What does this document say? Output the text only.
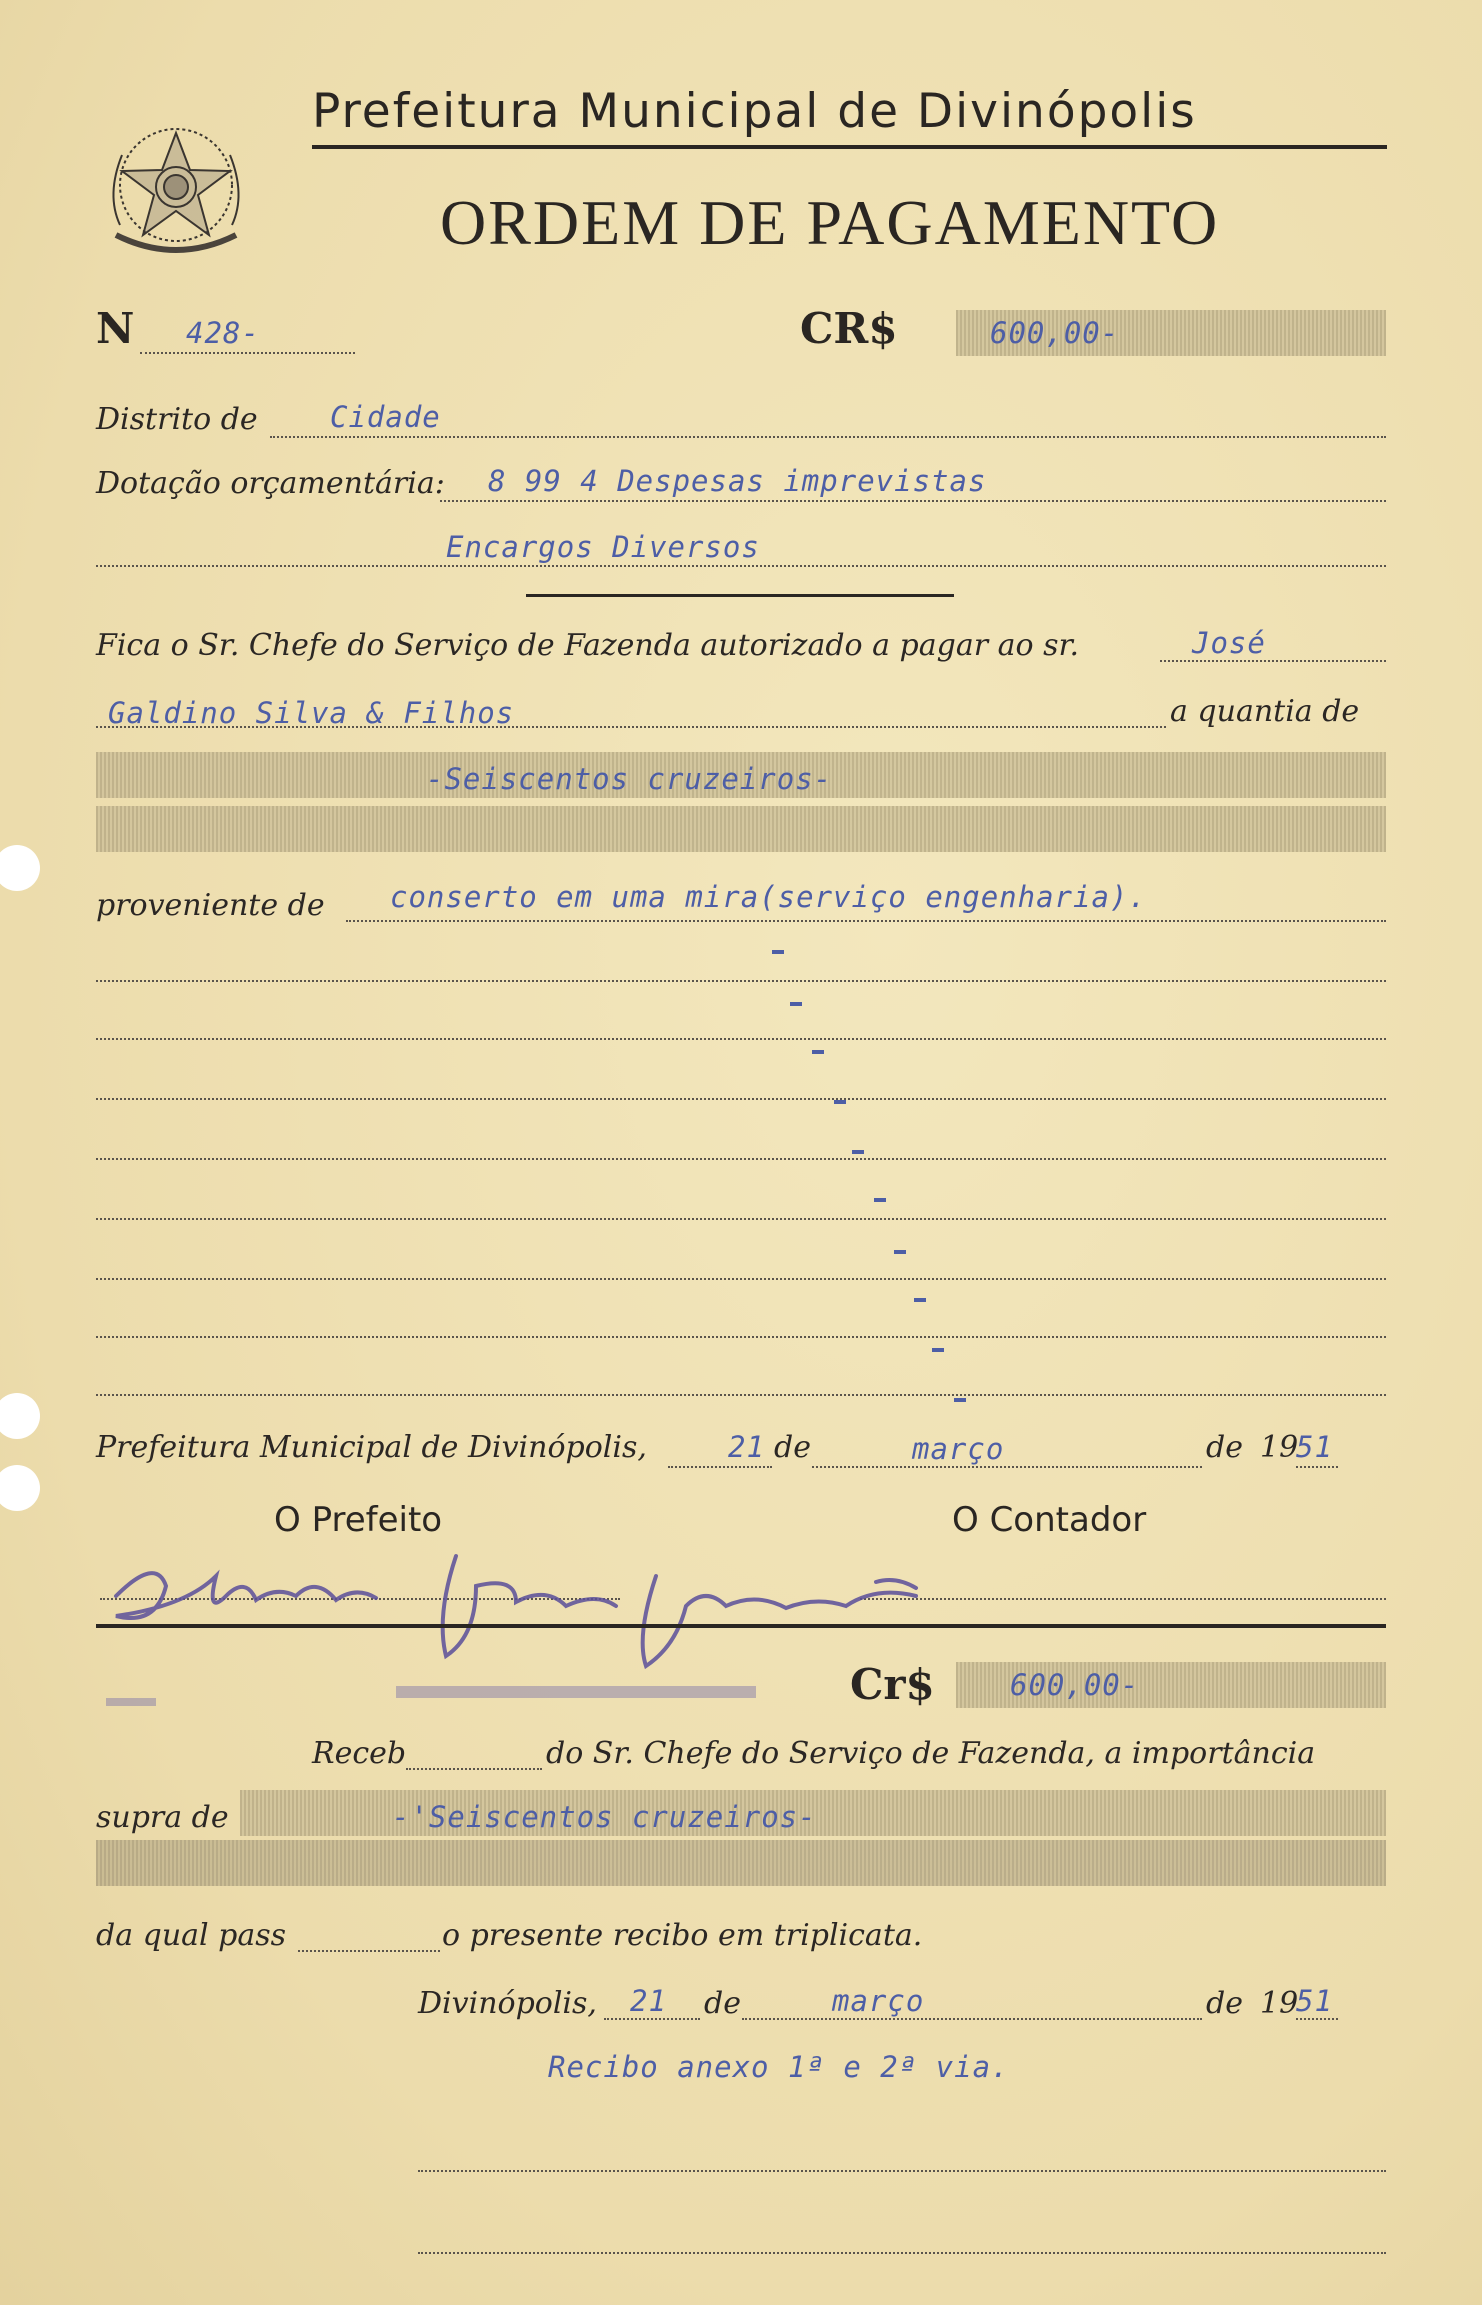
Prefeitura Municipal de Divinópolis
ORDEM DE PAGAMENTO
N 428-	CR$	600,00-
Distrito de Cidade
Dotação orçamentária: 8 99 4 Despesas imprevistas
Encargos Diversos
Fica o Sr. Chefe do Serviço de Fazenda autorizado a pagar ao sr.	José
Galdino Silva & Filhos	a quantia de
-Seiscentos cruzeiros-
proveniente de conserto em uma mira(serviço engenharia).
Prefeitura Municipal de Divinópolis,	21 de	março	de 19
51
O Prefeito	O Contador
Cr$	600,00-
Receb	do Sr. Chefe do Serviço de Fazenda, a importância
supra de	-'Seiscentos cruzeiros-
da qual pass	o presente recibo em triplicata.
Divinópolis, 21 de	março	de 19
51
Recibo anexo 1ª e 2ª via.
